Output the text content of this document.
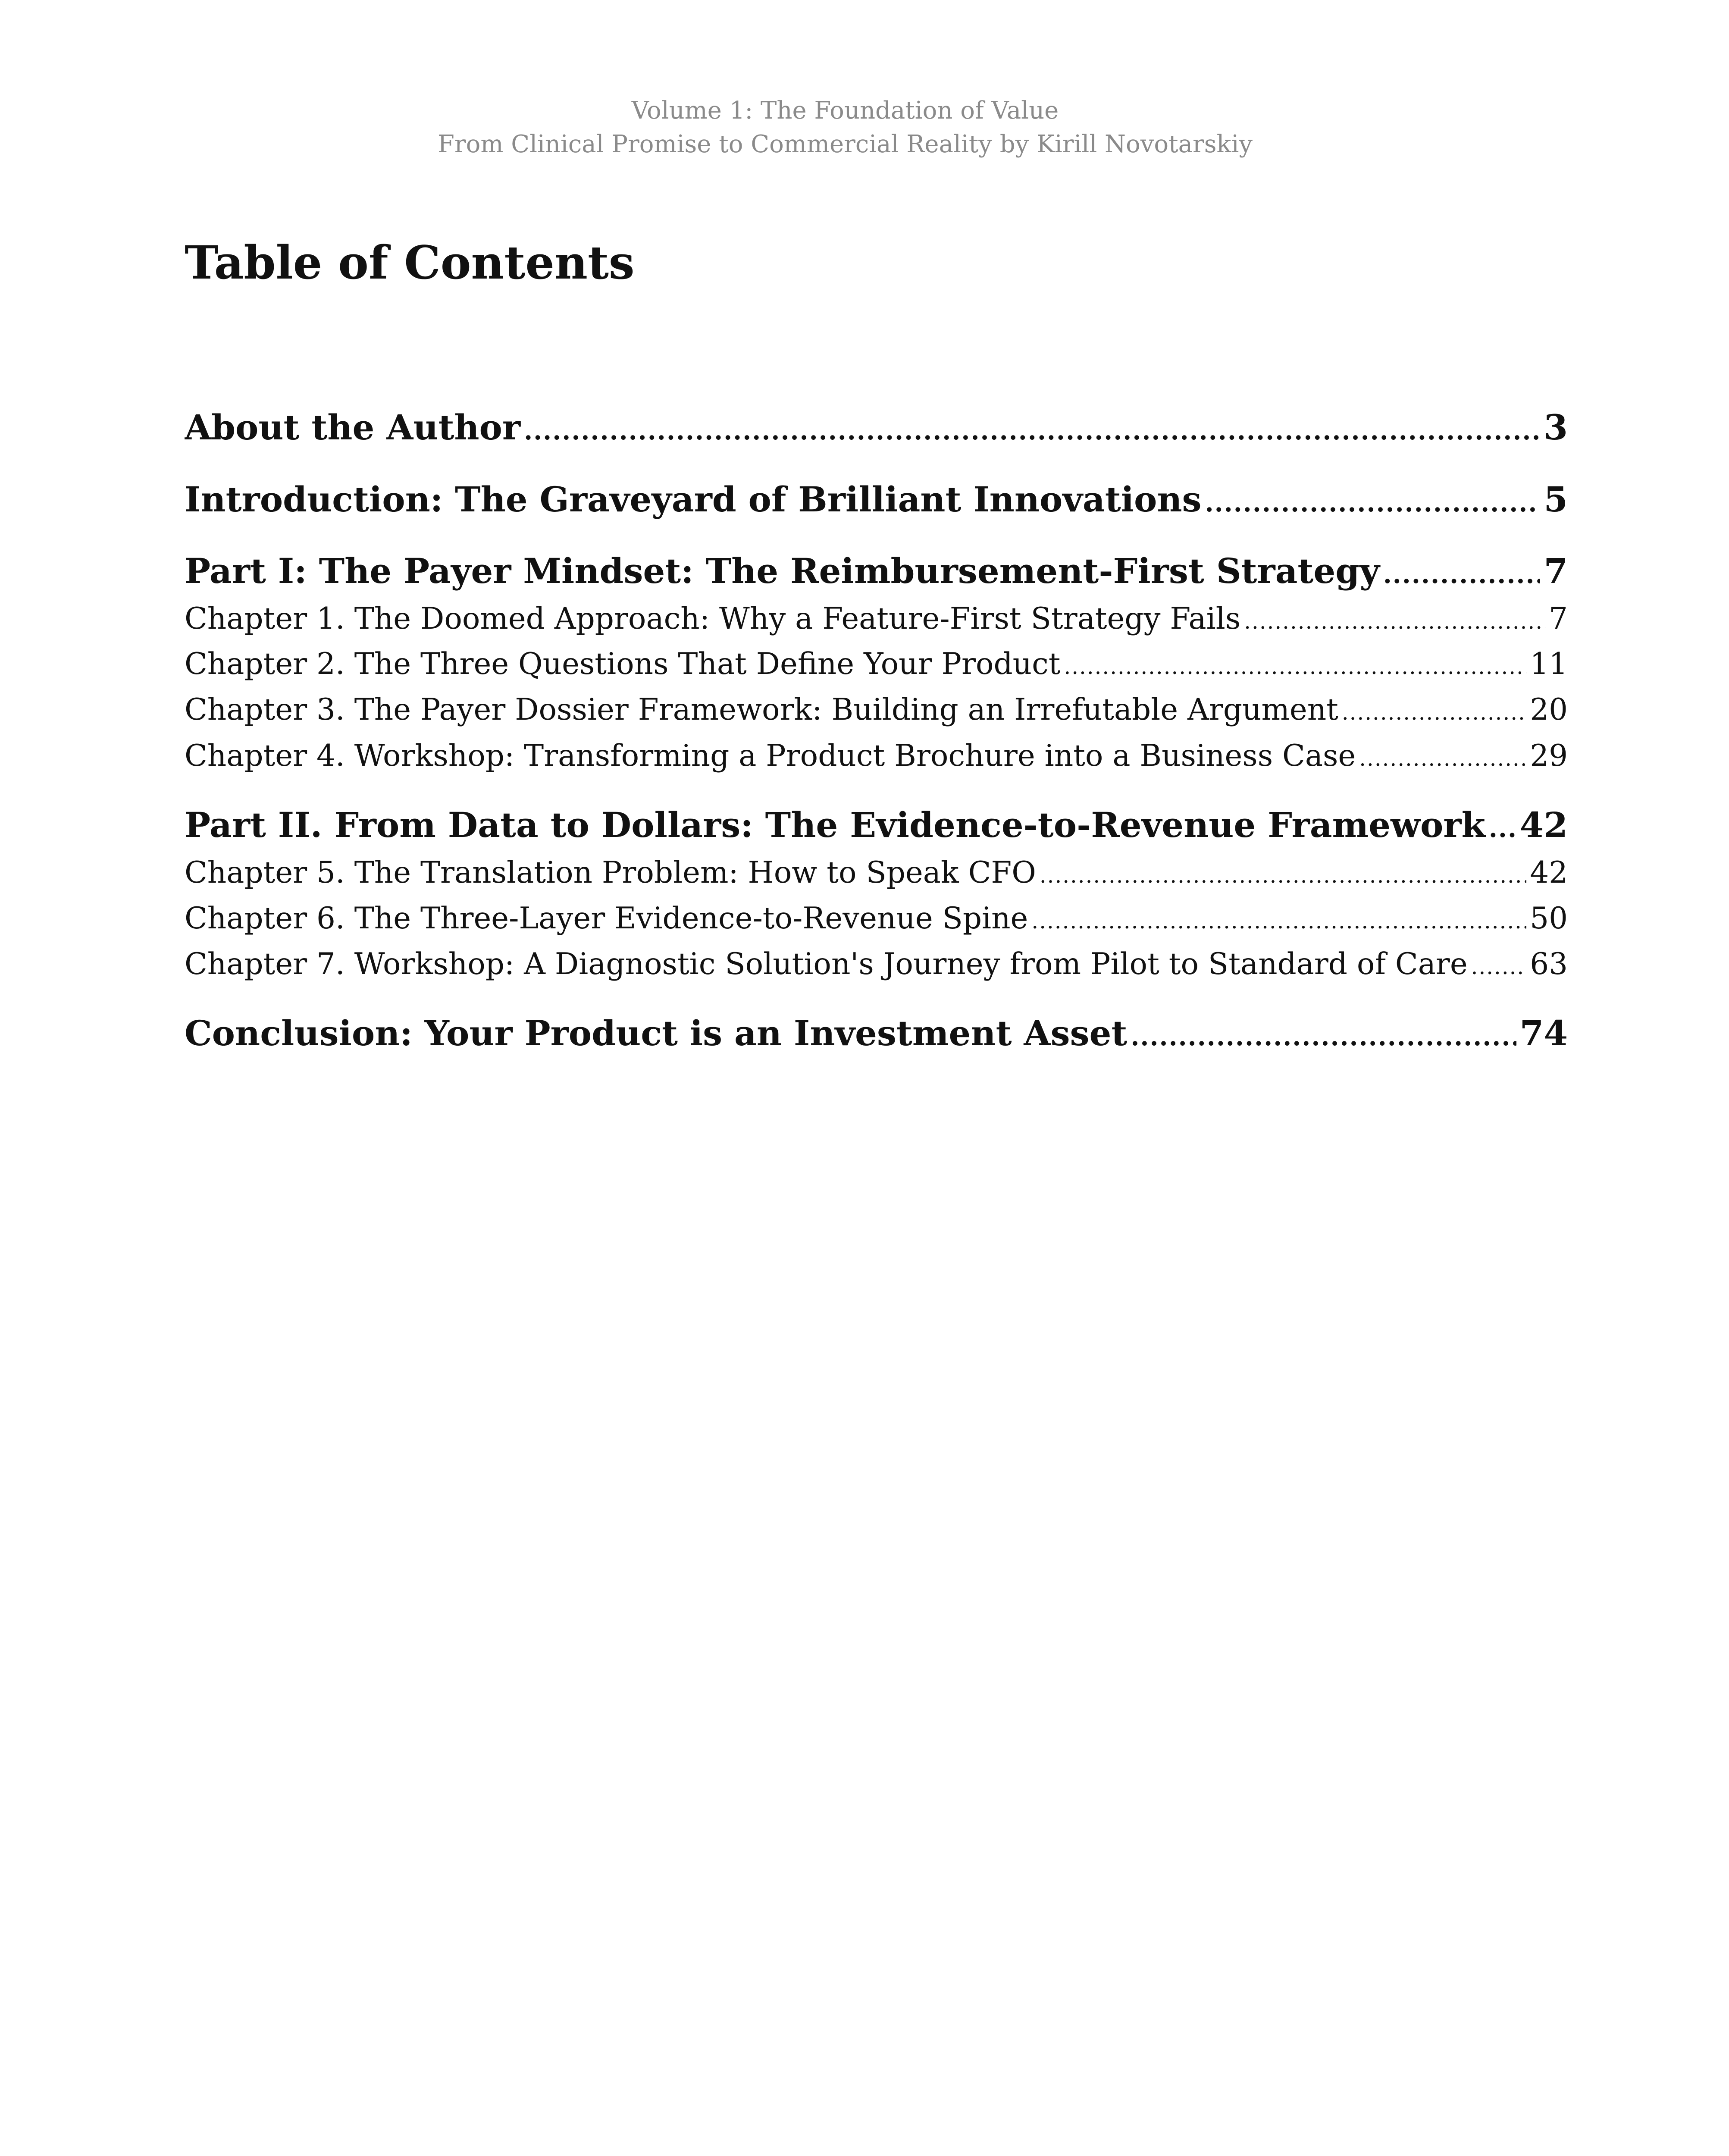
Volume 1: The Foundation of Value
From Clinical Promise to Commercial Reality by Kirill Novotarskiy
Table of Contents
About the Author .....	3
Introduction: The Graveyard of Brilliant Innovations .....	5
Part I: The Payer Mindset: The Reimbursement-First Strategy .....	7
Chapter 1. The Doomed Approach: Why a Feature-First Strategy Fails .....	7
Chapter 2. The Three Questions That Define Your Product .....	11
Chapter 3. The Payer Dossier Framework: Building an Irrefutable Argument .....	20
Chapter 4. Workshop: Transforming a Product Brochure into a Business Case .....	29
Part II. From Data to Dollars: The Evidence-to-Revenue Framework ..... 42
Chapter 5. The Translation Problem: How to Speak CFO .....	42
Chapter 6. The Three-Layer Evidence-to-Revenue Spine .....	50
Chapter 7. Workshop: A Diagnostic Solution's Journey from Pilot to Standard of Care ..... 63
Conclusion: Your Product is an Investment Asset .....	74
